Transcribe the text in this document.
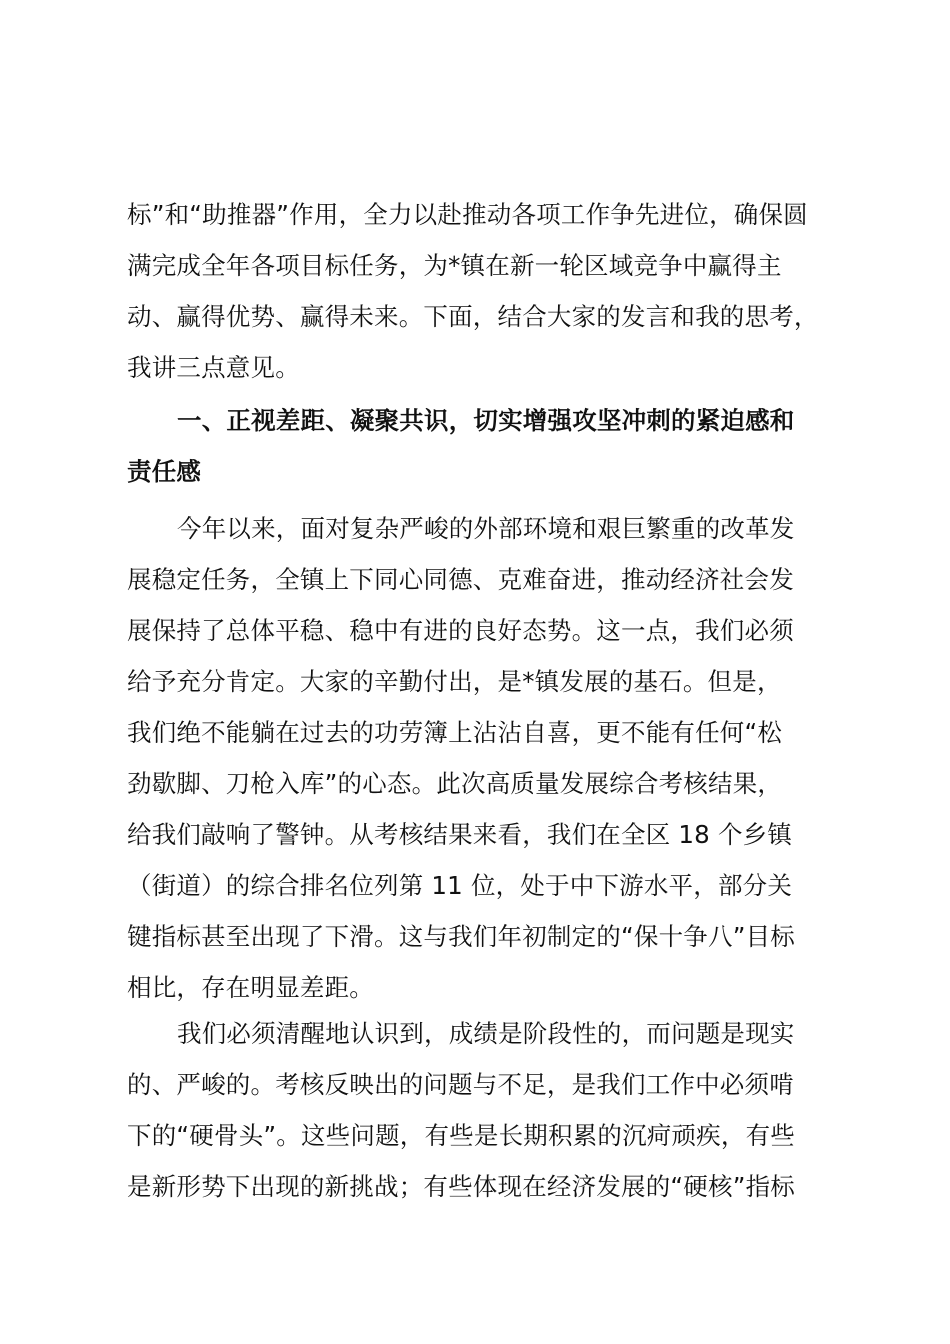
标”和“助推器”作用，全力以赴推动各项工作争先进位，确保圆
满完成全年各项目标任务，为*镇在新一轮区域竞争中赢得主
动、赢得优势、赢得未来。下面，结合大家的发言和我的思考，
我讲三点意见。
一、正视差距、凝聚共识，切实增强攻坚冲刺的紧迫感和
责任感
今年以来，面对复杂严峻的外部环境和艰巨繁重的改革发
展稳定任务，全镇上下同心同德、克难奋进，推动经济社会发
展保持了总体平稳、稳中有进的良好态势。这一点，我们必须
给予充分肯定。大家的辛勤付出，是*镇发展的基石。但是，
我们绝不能躺在过去的功劳簿上沾沾自喜，更不能有任何“松
劲歇脚、刀枪入库”的心态。此次高质量发展综合考核结果，
给我们敲响了警钟。从考核结果来看，我们在全区 18 个乡镇
（街道）的综合排名位列第 11 位，处于中下游水平，部分关
键指标甚至出现了下滑。这与我们年初制定的“保十争八”目标
相比，存在明显差距。
我们必须清醒地认识到，成绩是阶段性的，而问题是现实
的、严峻的。考核反映出的问题与不足，是我们工作中必须啃
下的“硬骨头”。这些问题，有些是长期积累的沉疴顽疾，有些
是新形势下出现的新挑战；有些体现在经济发展的“硬核”指标
